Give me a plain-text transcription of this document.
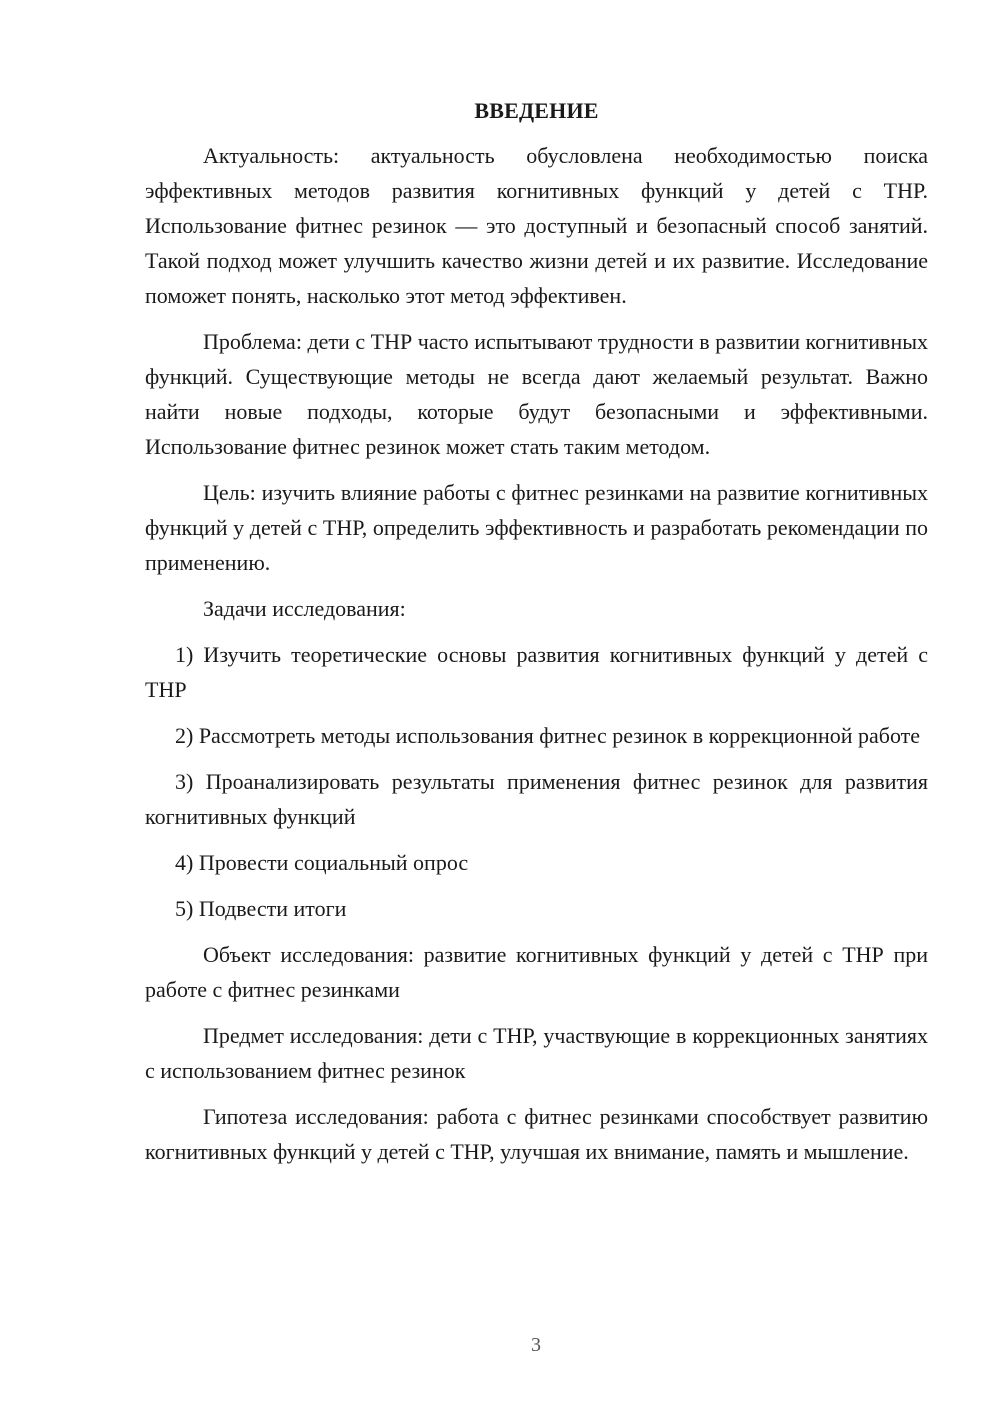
ВВЕДЕНИЕ

Актуальность: актуальность обусловлена необходимостью поиска эффективных методов развития когнитивных функций у детей с ТНР. Использование фитнес резинок — это доступный и безопасный способ занятий. Такой подход может улучшить качество жизни детей и их развитие. Исследование поможет понять, насколько этот метод эффективен.

Проблема: дети с ТНР часто испытывают трудности в развитии когнитивных функций. Существующие методы не всегда дают желаемый результат. Важно найти новые подходы, которые будут безопасными и эффективными. Использование фитнес резинок может стать таким методом.

Цель: изучить влияние работы с фитнес резинками на развитие когнитивных функций у детей с ТНР, определить эффективность и разработать рекомендации по применению.

Задачи исследования:

1) Изучить теоретические основы развития когнитивных функций у детей с ТНР

2) Рассмотреть методы использования фитнес резинок в коррекционной работе

3) Проанализировать результаты применения фитнес резинок для развития когнитивных функций

4) Провести социальный опрос

5) Подвести итоги

Объект исследования: развитие когнитивных функций у детей с ТНР при работе с фитнес резинками

Предмет исследования: дети с ТНР, участвующие в коррекционных занятиях с использованием фитнес резинок

Гипотеза исследования: работа с фитнес резинками способствует развитию когнитивных функций у детей с ТНР, улучшая их внимание, память и мышление.

3
